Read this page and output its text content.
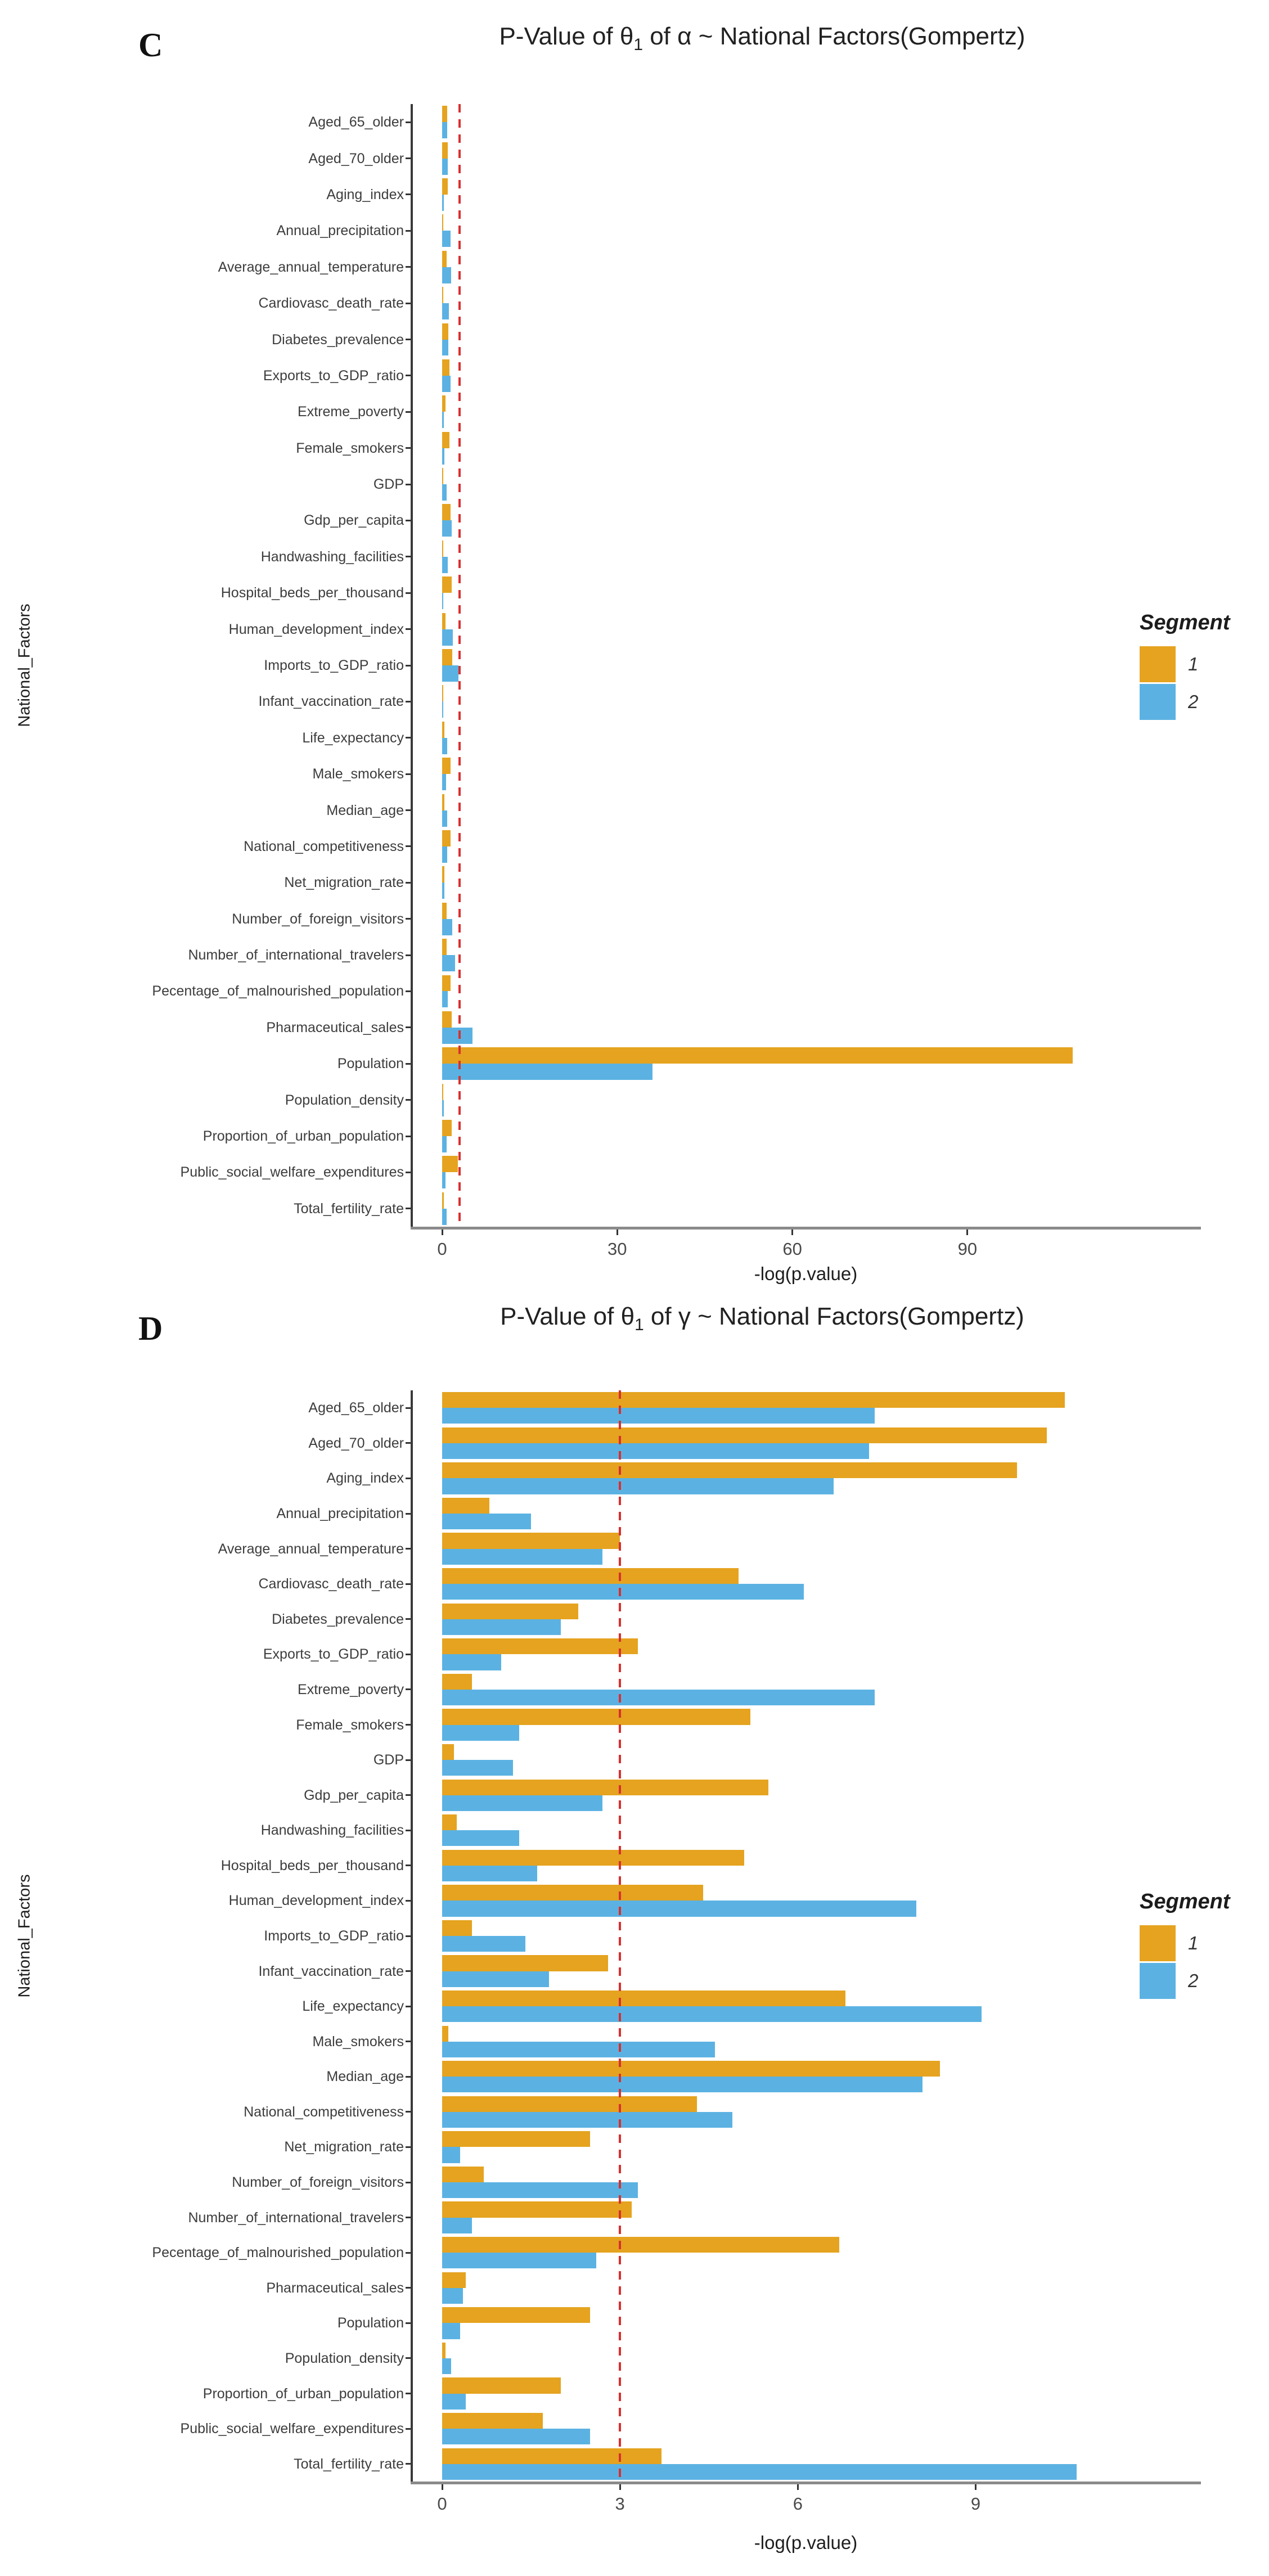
C	P-Value of $\theta_1$ of α ~ National Factors(Gompertz)
National_Factors
Aged_65_older
Aged_70_older
Aging_index
Annual_precipitation
Average_annual_temperature
Cardiovasc_death_rate
Diabetes_prevalence
Exports_to_GDP_ratio
Extreme_poverty
Female_smokers
GDP
Gdp_per_capita
Handwashing_facilities
Hospital_beds_per_thousand
Human_development_index
Imports_to_GDP_ratio
Infant_vaccination_rate
Life_expectancy
Male_smokers
Median_age
National_competitiveness
Net_migration_rate
Number_of_foreign_visitors
Number_of_international_travelers
Pecentage_of_malnourished_population
Pharmaceutical_sales
Population
Population_density
Proportion_of_urban_population
Public_social_welfare_expenditures
Total_fertility_rate
0	30	60	90
-log(p.value)
Segment
1
2
D	P-Value of $\theta_1$ of γ ~ National Factors(Gompertz)
National_Factors
Aged_65_older
Aged_70_older
Aging_index
Annual_precipitation
Average_annual_temperature
Cardiovasc_death_rate
Diabetes_prevalence
Exports_to_GDP_ratio
Extreme_poverty
Female_smokers
GDP
Gdp_per_capita
Handwashing_facilities
Hospital_beds_per_thousand
Human_development_index
Imports_to_GDP_ratio
Infant_vaccination_rate
Life_expectancy
Male_smokers
Median_age
National_competitiveness
Net_migration_rate
Number_of_foreign_visitors
Number_of_international_travelers
Pecentage_of_malnourished_population
Pharmaceutical_sales
Population
Population_density
Proportion_of_urban_population
Public_social_welfare_expenditures
Total_fertility_rate
0	3	6	9
-log(p.value)
Segment
1
2
